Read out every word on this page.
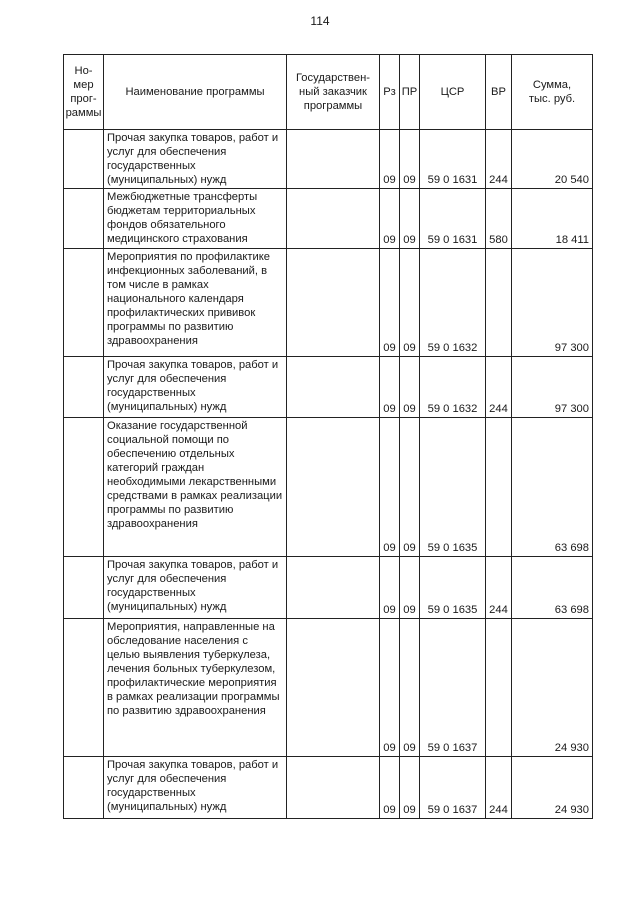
114
Но-
мер
прог-
раммы	Наименование программы	Государствен-
ный заказчик
программы	Рз	ПР	ЦСР	ВР	Сумма,
тыс. руб.
	Прочая закупка товаров, работ и услуг для обеспечения государственных (муниципальных) нужд		09	09	59 0 1631	244	20 540
	Межбюджетные трансферты бюджетам территориальных фондов обязательного медицинского страхования		09	09	59 0 1631	580	18 411
	Мероприятия по профилактике инфекционных заболеваний, в том числе в рамках национального календаря профилактических прививок программы по развитию здравоохранения		09	09	59 0 1632		97 300
	Прочая закупка товаров, работ и услуг для обеспечения государственных (муниципальных) нужд		09	09	59 0 1632	244	97 300
	Оказание государственной социальной помощи по обеспечению отдельных категорий граждан необходимыми лекарственными средствами в рамках реализации программы по развитию здравоохранения		09	09	59 0 1635		63 698
	Прочая закупка товаров, работ и услуг для обеспечения государственных (муниципальных) нужд		09	09	59 0 1635	244	63 698
	Мероприятия, направленные на обследование населения с целью выявления туберкулеза, лечения больных туберкулезом, профилактические мероприятия в рамках реализации программы по развитию здравоохранения		09	09	59 0 1637		24 930
	Прочая закупка товаров, работ и услуг для обеспечения государственных (муниципальных) нужд		09	09	59 0 1637	244	24 930
